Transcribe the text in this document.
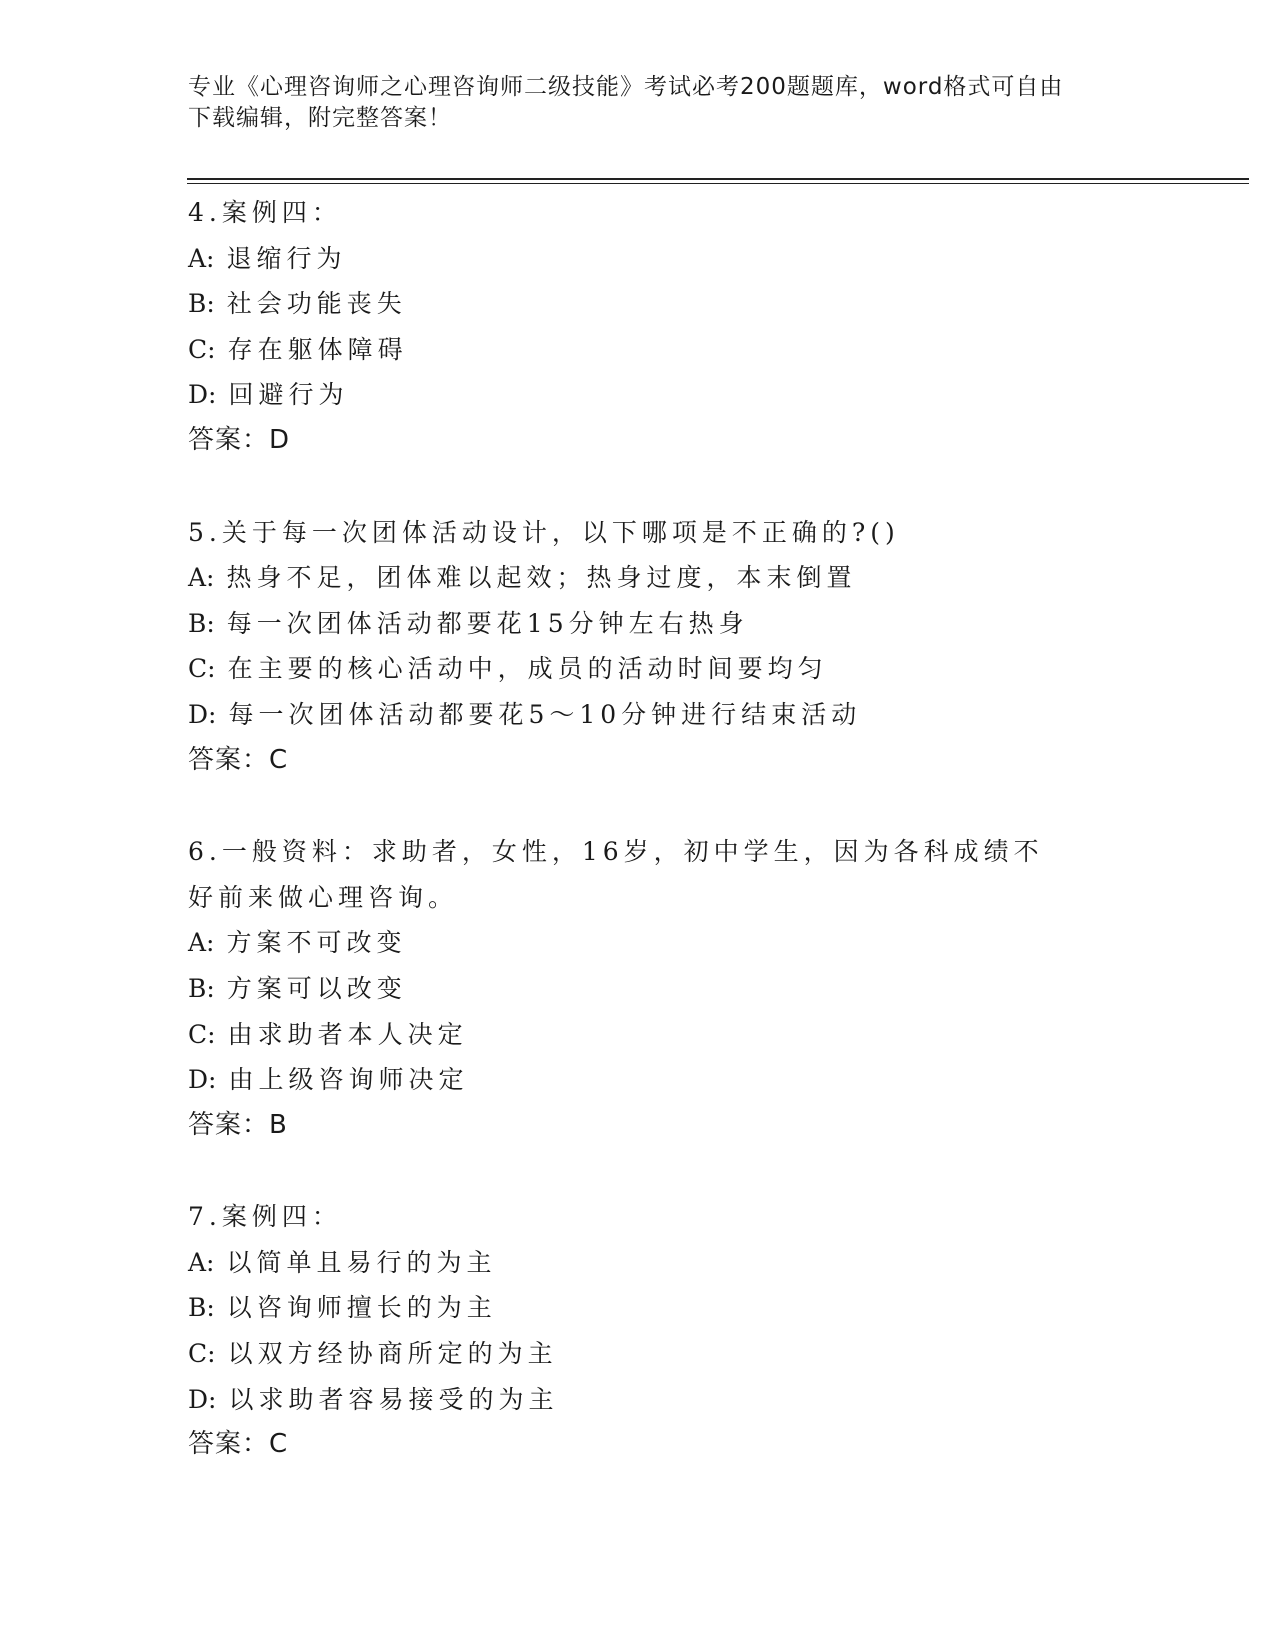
专业《心理咨询师之心理咨询师二级技能》考试必考200题题库，word格式可自由下载编辑，附完整答案！
4.案例四：
A: 退缩行为
B: 社会功能丧失
C: 存在躯体障碍
D: 回避行为
答案：D
5.关于每一次团体活动设计，以下哪项是不正确的?()
A: 热身不足，团体难以起效；热身过度，本末倒置
B: 每一次团体活动都要花15分钟左右热身
C: 在主要的核心活动中，成员的活动时间要均匀
D: 每一次团体活动都要花5～10分钟进行结束活动
答案：C
6.一般资料：求助者，女性，16岁，初中学生，因为各科成绩不好前来做心理咨询。
A: 方案不可改变
B: 方案可以改变
C: 由求助者本人决定
D: 由上级咨询师决定
答案：B
7.案例四：
A: 以简单且易行的为主
B: 以咨询师擅长的为主
C: 以双方经协商所定的为主
D: 以求助者容易接受的为主
答案：C
